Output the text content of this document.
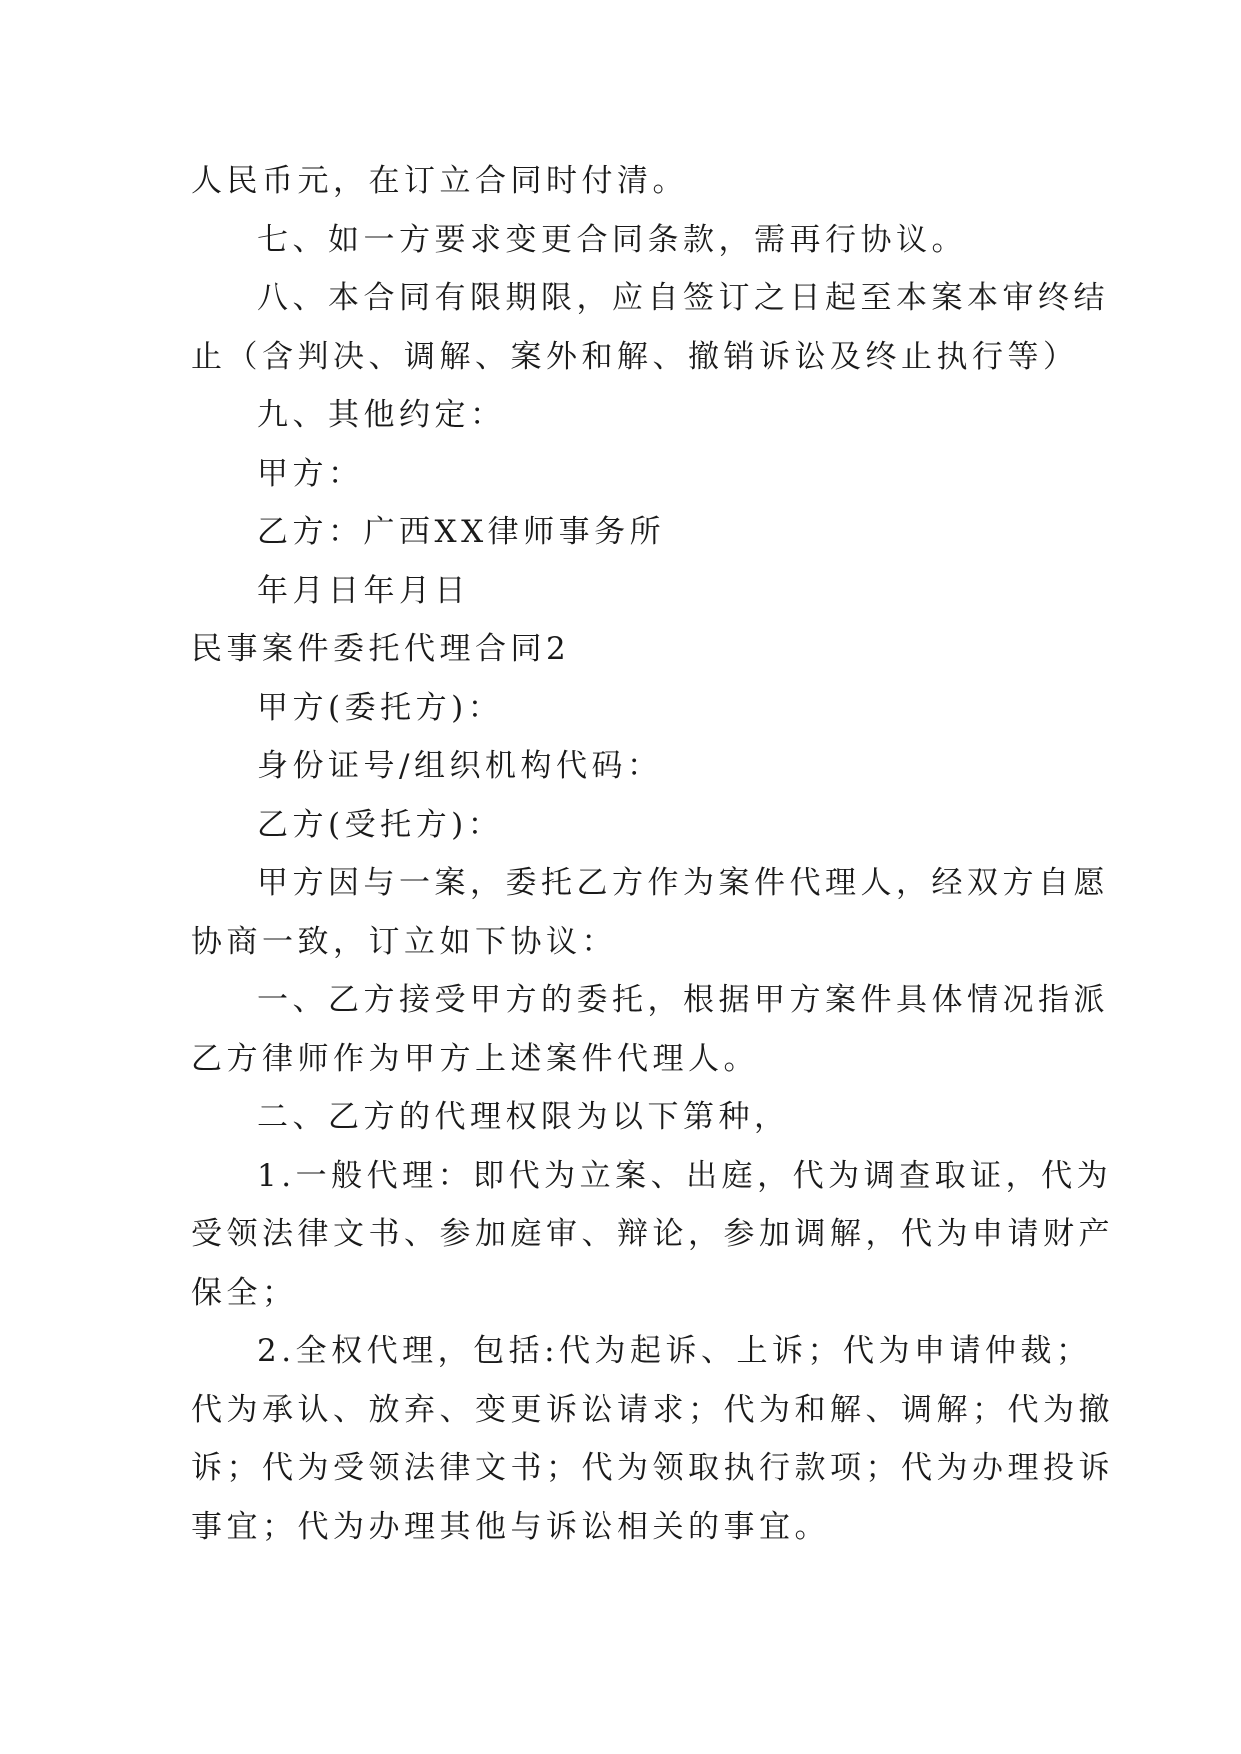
人民币元，在订立合同时付清。
七、如一方要求变更合同条款，需再行协议。
八、本合同有限期限，应自签订之日起至本案本审终结
止（含判决、调解、案外和解、撤销诉讼及终止执行等）
九、其他约定：
甲方：
乙方：广西XX律师事务所
年月日年月日
民事案件委托代理合同2
甲方(委托方)：
身份证号/组织机构代码：
乙方(受托方)：
甲方因与一案，委托乙方作为案件代理人，经双方自愿
协商一致，订立如下协议：
一、乙方接受甲方的委托，根据甲方案件具体情况指派
乙方律师作为甲方上述案件代理人。
二、乙方的代理权限为以下第种，
1.一般代理：即代为立案、出庭，代为调查取证，代为
受领法律文书、参加庭审、辩论，参加调解，代为申请财产
保全；
2.全权代理，包括:代为起诉、上诉；代为申请仲裁；
代为承认、放弃、变更诉讼请求；代为和解、调解；代为撤
诉；代为受领法律文书；代为领取执行款项；代为办理投诉
事宜；代为办理其他与诉讼相关的事宜。
